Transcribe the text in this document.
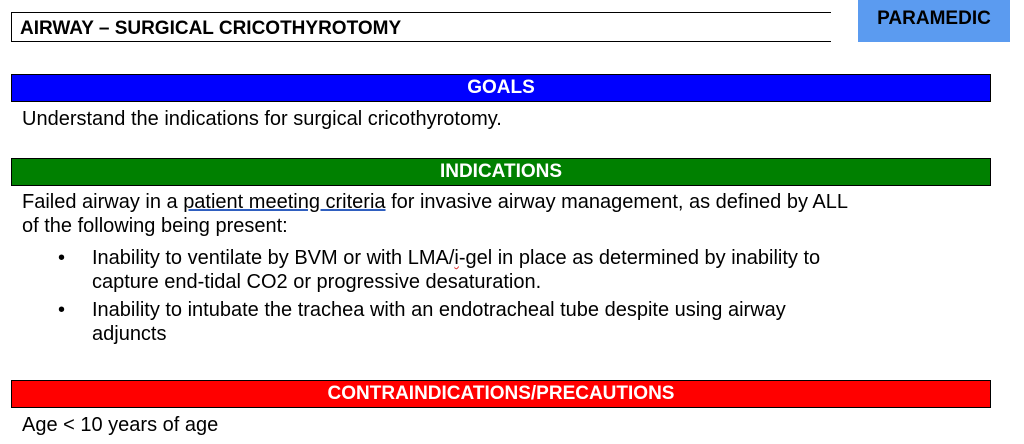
AIRWAY – SURGICAL CRICOTHYROTOMY	PARAMEDIC
GOALS
Understand the indications for surgical cricothyrotomy.
INDICATIONS
Failed airway in a patient meeting criteria for invasive airway management, as defined by ALL
of the following being present:
• Inability to ventilate by BVM or with LMA/i-gel in place as determined by inability to
capture end-tidal CO2 or progressive desaturation.
• Inability to intubate the trachea with an endotracheal tube despite using airway
adjuncts
CONTRAINDICATIONS/PRECAUTIONS
Age < 10 years of age
